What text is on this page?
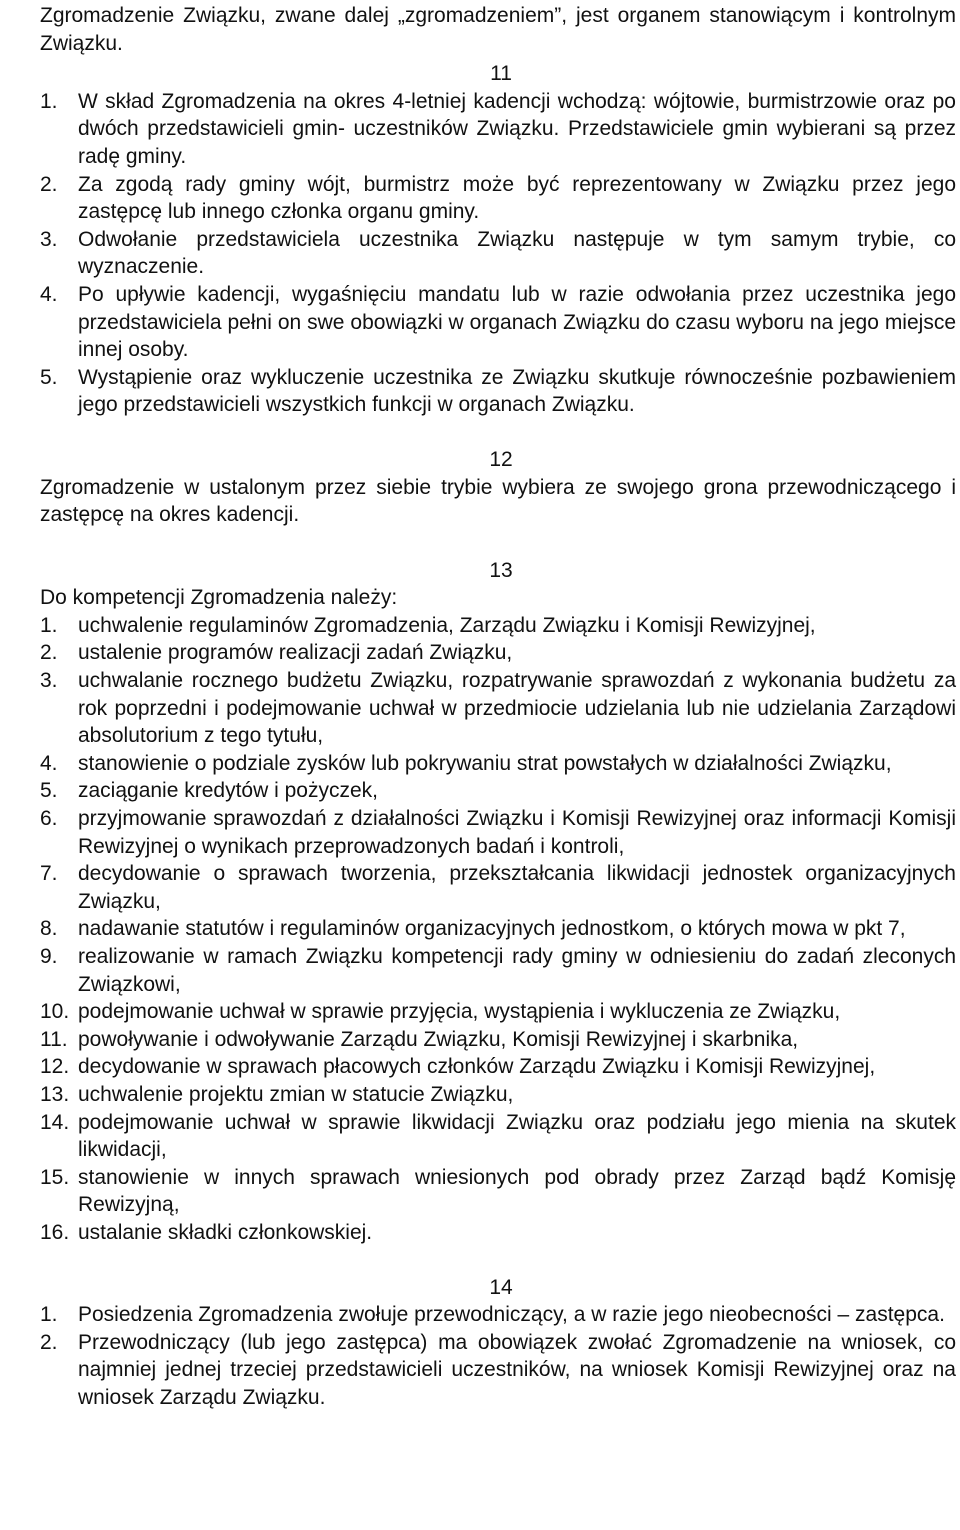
Zgromadzenie Związku, zwane dalej „zgromadzeniem”, jest organem stanowiącym i kontrolnym Związku.
11
1. W skład Zgromadzenia na okres 4-letniej kadencji wchodzą: wójtowie, burmistrzowie oraz po dwóch przedstawicieli gmin- uczestników Związku. Przedstawiciele gmin wybierani są przez radę gminy.
2. Za zgodą rady gminy wójt, burmistrz może być reprezentowany w Związku przez jego zastępcę lub innego członka organu gminy.
3. Odwołanie przedstawiciela uczestnika Związku następuje w tym samym trybie, co wyznaczenie.
4. Po upływie kadencji, wygaśnięciu mandatu lub w razie odwołania przez uczestnika jego przedstawiciela pełni on swe obowiązki w organach Związku do czasu wyboru na jego miejsce innej osoby.
5. Wystąpienie oraz wykluczenie uczestnika ze Związku skutkuje równocześnie pozbawieniem jego przedstawicieli wszystkich funkcji w organach Związku.
12
Zgromadzenie w ustalonym przez siebie trybie wybiera ze swojego grona przewodniczącego i zastępcę na okres kadencji.
13
Do kompetencji Zgromadzenia należy:
1. uchwalenie regulaminów Zgromadzenia, Zarządu Związku i Komisji Rewizyjnej,
2. ustalenie programów realizacji zadań Związku,
3. uchwalanie rocznego budżetu Związku, rozpatrywanie sprawozdań z wykonania budżetu za rok poprzedni i podejmowanie uchwał w przedmiocie udzielania lub nie udzielania Zarządowi absolutorium z tego tytułu,
4. stanowienie o podziale zysków lub pokrywaniu strat powstałych w działalności Związku,
5. zaciąganie kredytów i pożyczek,
6. przyjmowanie sprawozdań z działalności Związku i Komisji Rewizyjnej oraz informacji Komisji Rewizyjnej o wynikach przeprowadzonych badań i kontroli,
7. decydowanie o sprawach tworzenia, przekształcania likwidacji jednostek organizacyjnych Związku,
8. nadawanie statutów i regulaminów organizacyjnych jednostkom, o których mowa w pkt 7,
9. realizowanie w ramach Związku kompetencji rady gminy w odniesieniu do zadań zleconych Związkowi,
10. podejmowanie uchwał w sprawie przyjęcia, wystąpienia i wykluczenia ze Związku,
11. powoływanie i odwoływanie Zarządu Związku, Komisji Rewizyjnej i skarbnika,
12. decydowanie w sprawach płacowych członków Zarządu Związku i Komisji Rewizyjnej,
13. uchwalenie projektu zmian w statucie Związku,
14. podejmowanie uchwał w sprawie likwidacji Związku oraz podziału jego mienia na skutek likwidacji,
15. stanowienie w innych sprawach wniesionych pod obrady przez Zarząd bądź Komisję Rewizyjną,
16. ustalanie składki członkowskiej.
14
1. Posiedzenia Zgromadzenia zwołuje przewodniczący, a w razie jego nieobecności – zastępca.
2. Przewodniczący (lub jego zastępca) ma obowiązek zwołać Zgromadzenie na wniosek, co najmniej jednej trzeciej przedstawicieli uczestników, na wniosek Komisji Rewizyjnej oraz na wniosek Zarządu Związku.
